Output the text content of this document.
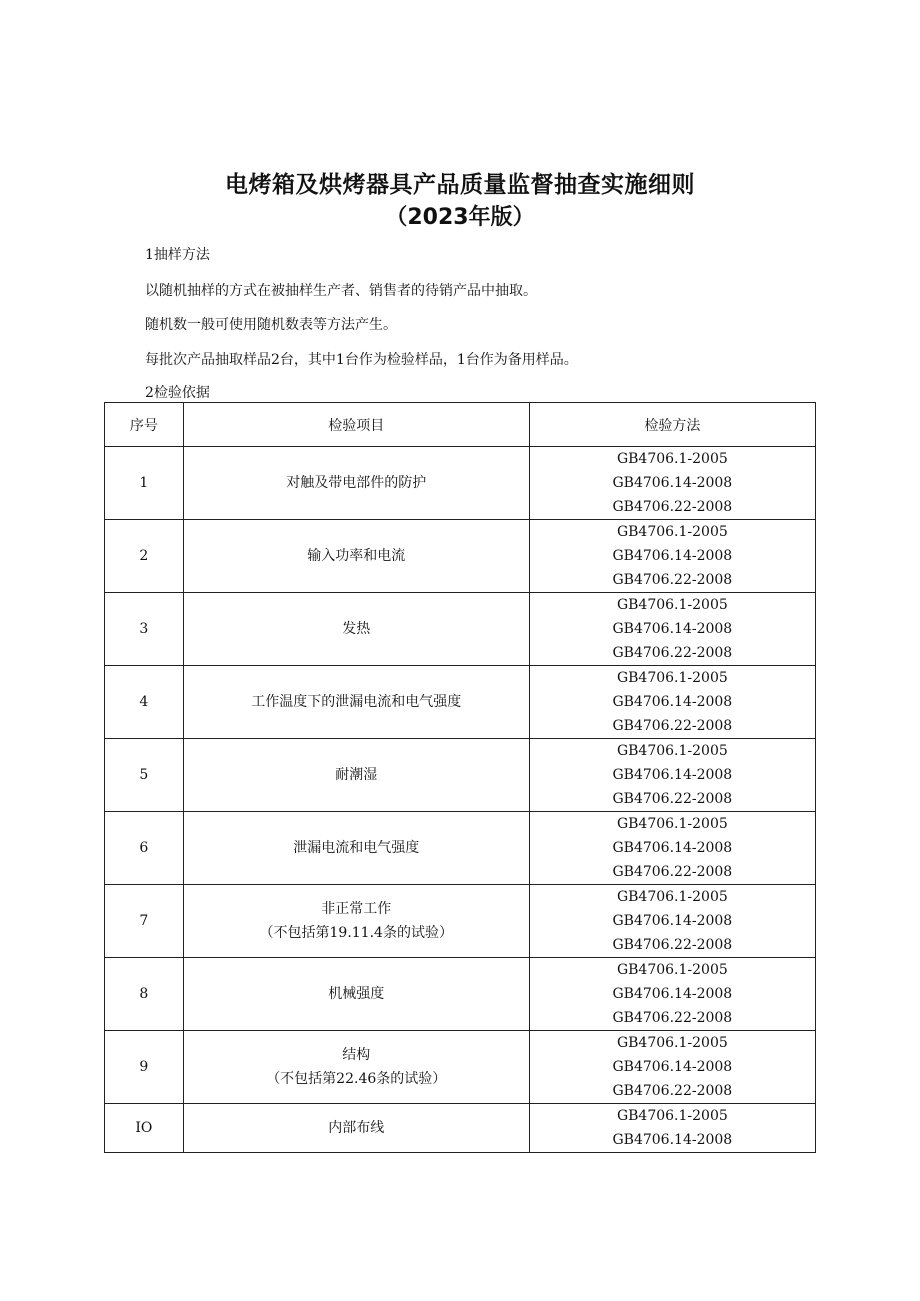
电烤箱及烘烤器具产品质量监督抽查实施细则
（2023年版）
1抽样方法
以随机抽样的方式在被抽样生产者、销售者的待销产品中抽取。
随机数一般可使用随机数表等方法产生。
每批次产品抽取样品2台，其中1台作为检验样品，1台作为备用样品。
2检验依据
序号	检验项目	检验方法
1	对触及带电部件的防护	GB4706.1-2005
GB4706.14-2008
GB4706.22-2008

2	输入功率和电流	GB4706.1-2005
GB4706.14-2008
GB4706.22-2008

3	发热	GB4706.1-2005
GB4706.14-2008
GB4706.22-2008

4	工作温度下的泄漏电流和电气强度	GB4706.1-2005
GB4706.14-2008
GB4706.22-2008

5	耐潮湿	GB4706.1-2005
GB4706.14-2008
GB4706.22-2008

6	泄漏电流和电气强度	GB4706.1-2005
GB4706.14-2008
GB4706.22-2008

7	非正常工作
（不包括第19.11.4条的试验）	GB4706.1-2005
GB4706.14-2008
GB4706.22-2008

8	机械强度	GB4706.1-2005
GB4706.14-2008
GB4706.22-2008

9	结构
（不包括第22.46条的试验）	GB4706.1-2005
GB4706.14-2008
GB4706.22-2008

IO	内部布线	GB4706.1-2005
GB4706.14-2008
